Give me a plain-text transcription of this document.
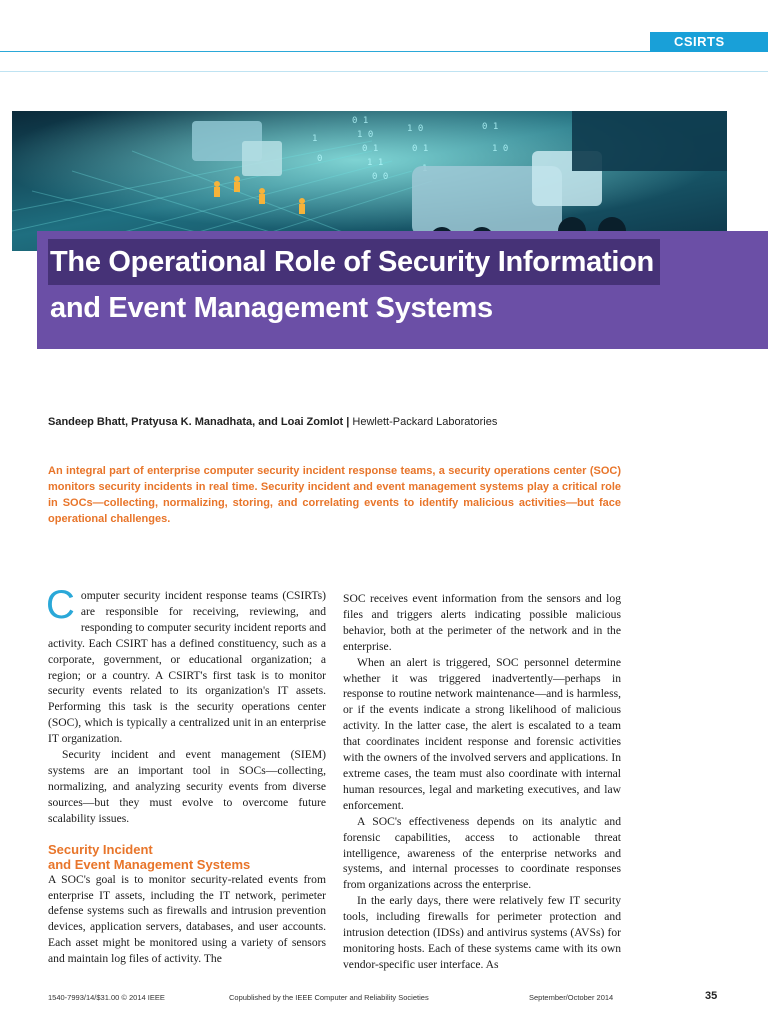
CSIRTS
0 1
1 0
0 1
1 1
0 0
1
0
1 0
0 1
0 1
1 0
The Operational Role of Security Information
and Event Management Systems
Sandeep Bhatt, Pratyusa K. Manadhata, and Loai Zomlot | Hewlett-Packard Laboratories
An integral part of enterprise computer security incident response teams, a security operations center (SOC) monitors security incidents in real time. Security incident and event management systems play a critical role in SOCs—collecting, normalizing, storing, and correlating events to identify malicious activities—but face operational challenges.

Computer security incident response teams (CSIRTs) are responsible for receiving, reviewing, and responding to computer security incident reports and activity. Each CSIRT has a defined constituency, such as a corporate, government, or educational organization; a region; or a country. A CSIRT's first task is to monitor security events related to its organization's IT assets. Performing this task is the security operations center (SOC), which is typically a centralized unit in an enterprise IT organization.

Security incident and event management (SIEM) systems are an important tool in SOCs—collecting, normalizing, and analyzing security events from diverse sources—but they must evolve to overcome future scalability issues.

Security Incident
and Event Management Systems

A SOC's goal is to monitor security-related events from enterprise IT assets, including the IT network, perimeter defense systems such as firewalls and intrusion prevention devices, application servers, databases, and user accounts. Each asset might be monitored using a variety of sensors and maintain log files of activity. The

SOC receives event information from the sensors and log files and triggers alerts indicating possible malicious behavior, both at the perimeter of the network and in the enterprise.

When an alert is triggered, SOC personnel determine whether it was triggered inadvertently—perhaps in response to routine network maintenance—and is harmless, or if the events indicate a strong likelihood of malicious activity. In the latter case, the alert is escalated to a team that coordinates incident response and forensic activities with the owners of the involved servers and applications. In extreme cases, the team must also coordinate with internal human resources, legal and marketing executives, and law enforcement.

A SOC's effectiveness depends on its analytic and forensic capabilities, access to actionable threat intelligence, awareness of the enterprise networks and systems, and internal processes to coordinate responses from organizations across the enterprise.

In the early days, there were relatively few IT security tools, including firewalls for perimeter protection and intrusion detection (IDSs) and antivirus systems (AVSs) for monitoring hosts. Each of these systems came with its own vendor-specific user interface. As

1540-7993/14/$31.00 © 2014 IEEE	Copublished by the IEEE Computer and Reliability Societies	September/October 2014	35
